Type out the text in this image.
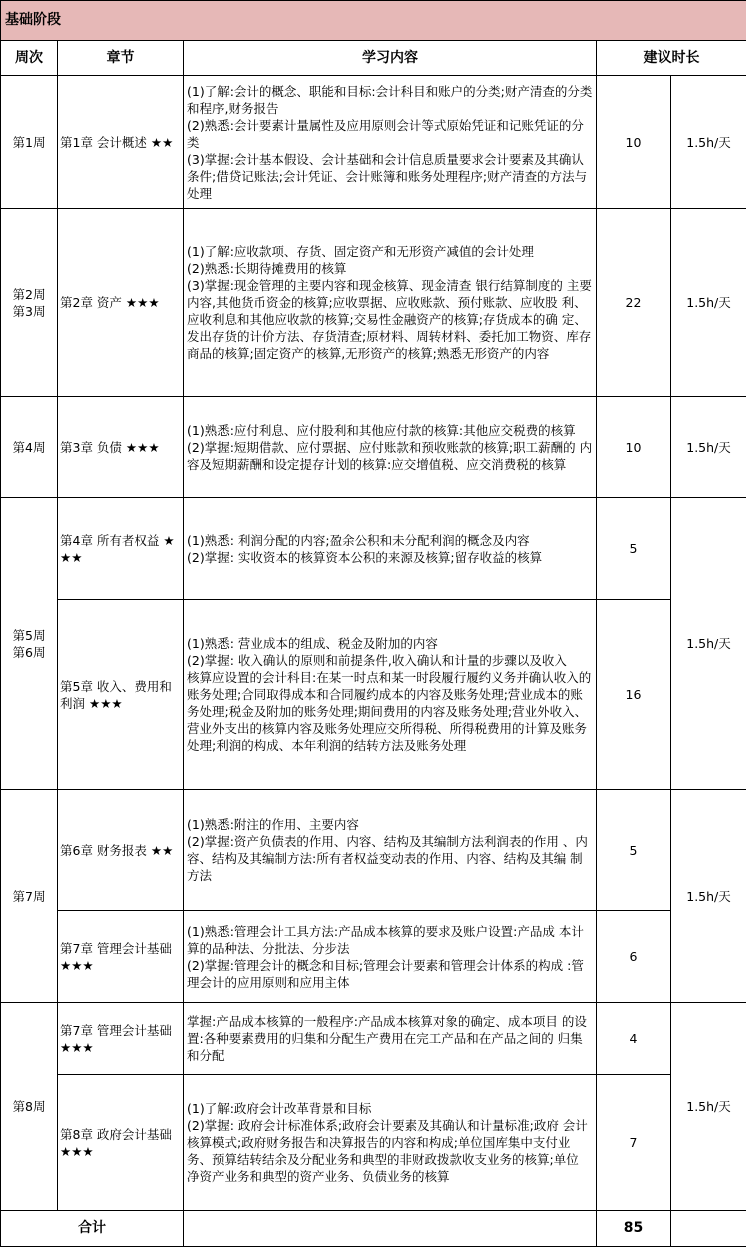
基础阶段				
周次	章节	学习内容	建议时长	

第1周	第1章 会计概述 ★★	(1)了解:会计的概念、职能和目标:会计科目和账户的分类;财产清查的分类和程序,财务报告
(2)熟悉:会计要素计量属性及应用原则会计等式原始凭证和记账凭证的分类
(3)掌握:会计基本假设、会计基础和会计信息质量要求会计要素及其确认条件;借贷记账法;会计凭证、会计账簿和账务处理程序;财产清查的方法与处理	10	1.5h/天

第2周
第3周	第2章 资产 ★★★	(1)了解:应收款项、存货、固定资产和无形资产减值的会计处理
(2)熟悉:长期待摊费用的核算
(3)掌握:现金管理的主要内容和现金核算、现金清查 银行结算制度的 主要内容,其他货币资金的核算;应收票据、应收账款、预付账款、应收股 利、应收利息和其他应收款的核算;交易性金融资产的核算;存货成本的确 定、发出存货的计价方法、存货清查;原材料、周转材料、委托加工物资、库存商品的核算;固定资产的核算,无形资产的核算;熟悉无形资产的内容	22	1.5h/天

第4周	第3章 负债 ★★★	(1)熟悉:应付利息、应付股利和其他应付款的核算:其他应交税费的核算
(2)掌握:短期借款、应付票据、应付账款和预收账款的核算;职工薪酬的 内容及短期薪酬和设定提存计划的核算:应交增值税、应交消费税的核算	10	1.5h/天

第5周
第6周	第4章 所有者权益 ★★★	(1)熟悉: 利润分配的内容;盈余公积和未分配利润的概念及内容
(2)掌握: 实收资本的核算资本公积的来源及核算;留存收益的核算	5	1.5h/天
	第5章 收入、费用和利润 ★★★	(1)熟悉: 营业成本的组成、税金及附加的内容
(2)掌握: 收入确认的原则和前提条件,收入确认和计量的步骤以及收入
核算应设置的会计科目:在某一时点和某一时段履行履约义务并确认收入的账务处理;合同取得成本和合同履约成本的内容及账务处理;营业成本的账务处理;税金及附加的账务处理;期间费用的内容及账务处理;营业外收入、营业外支出的核算内容及账务处理应交所得税、所得税费用的计算及账务处理;利润的构成、本年利润的结转方法及账务处理	16	

第7周	第6章 财务报表 ★★	(1)熟悉:附注的作用、主要内容
(2)掌握:资产负债表的作用、内容、结构及其编制方法利润表的作用 、内容、结构及其编制方法:所有者权益变动表的作用、内容、结构及其编 制方法	5	1.5h/天
	第7章 管理会计基础 ★★★	(1)熟悉:管理会计工具方法:产品成本核算的要求及账户设置:产品成 本计算的品种法、分批法、分步法
(2)掌握:管理会计的概念和目标;管理会计要素和管理会计体系的构成 :管理会计的应用原则和应用主体	6	

第8周	第7章 管理会计基础 ★★★	掌握:产品成本核算的一般程序:产品成本核算对象的确定、成本项目 的设置:各种要素费用的归集和分配生产费用在完工产品和在产品之间的 归集和分配	4	1.5h/天
	第8章 政府会计基础 ★★★	(1)了解:政府会计改革背景和目标
(2)掌握: 政府会计标准体系;政府会计要素及其确认和计量标准;政府 会计核算模式;政府财务报告和决算报告的内容和构成;单位国库集中支付业务、预算结转结余及分配业务和典型的非财政拨款收支业务的核算;单位 净资产业务和典型的资产业务、负债业务的核算	7	
合计			85	
